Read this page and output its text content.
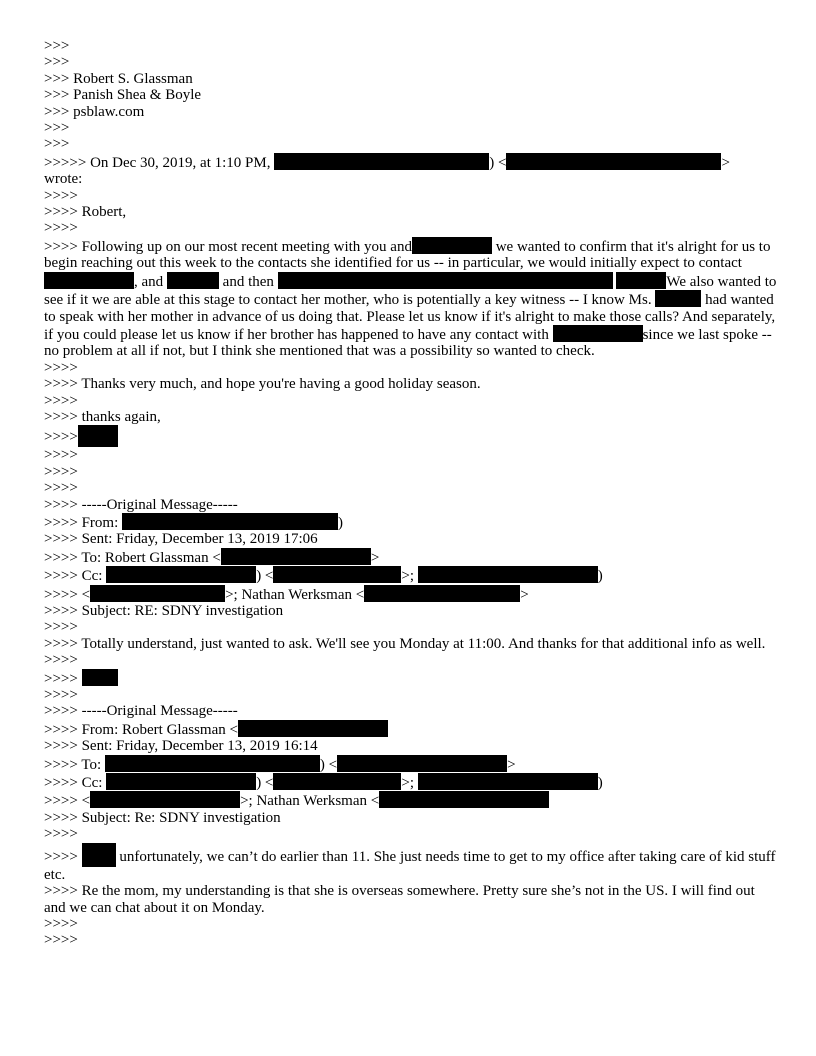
>>>
>>>
>>> Robert S. Glassman
>>> Panish Shea & Boyle
>>> psblaw.com
>>>
>>>
>>>>> On Dec 30, 2019, at 1:10 PM,	) <	>
wrote:
>>>>
>>>> Robert,
>>>>
>>>> Following up on our most recent meeting with you and	we wanted to confirm that it's alright for us to begin reaching out this week to the contacts she identified for us -- in particular, we would initially expect to contact , and	and then	We also wanted to see if it we are able at this stage to contact her mother, who is potentially a key witness -- I know Ms.	had wanted to speak with her mother in advance of us doing that. Please let us know if it's alright to make those calls? And separately, if you could please let us know if her brother has happened to have any contact with	since we last spoke -- no problem at all if not, but I think she mentioned that was a possibility so wanted to check.
>>>>
>>>> Thanks very much, and hope you're having a good holiday season.
>>>>
>>>> thanks again,
>>>>
>>>>
>>>>
>>>>
>>>> -----Original Message-----
>>>> From:	)
>>>> Sent: Friday, December 13, 2019 17:06
>>>> To: Robert Glassman <	>
>>>> Cc:	) <	>;	)
>>>> <	>; Nathan Werksman <	>
>>>> Subject: RE: SDNY investigation
>>>>
>>>> Totally understand, just wanted to ask. We'll see you Monday at 11:00. And thanks for that additional info as well.
>>>>
>>>>
>>>>
>>>> -----Original Message-----
>>>> From: Robert Glassman <
>>>> Sent: Friday, December 13, 2019 16:14
>>>> To:	) <	>
>>>> Cc:	) <	>;	)
>>>> <	>; Nathan Werksman <
>>>> Subject: Re: SDNY investigation
>>>>
>>>>	unfortunately, we can’t do earlier than 11. She just needs time to get to my office after taking care of kid stuff etc.
>>>> Re the mom, my understanding is that she is overseas somewhere. Pretty sure she’s not in the US. I will find out and we can chat about it on Monday.
>>>>
>>>>
